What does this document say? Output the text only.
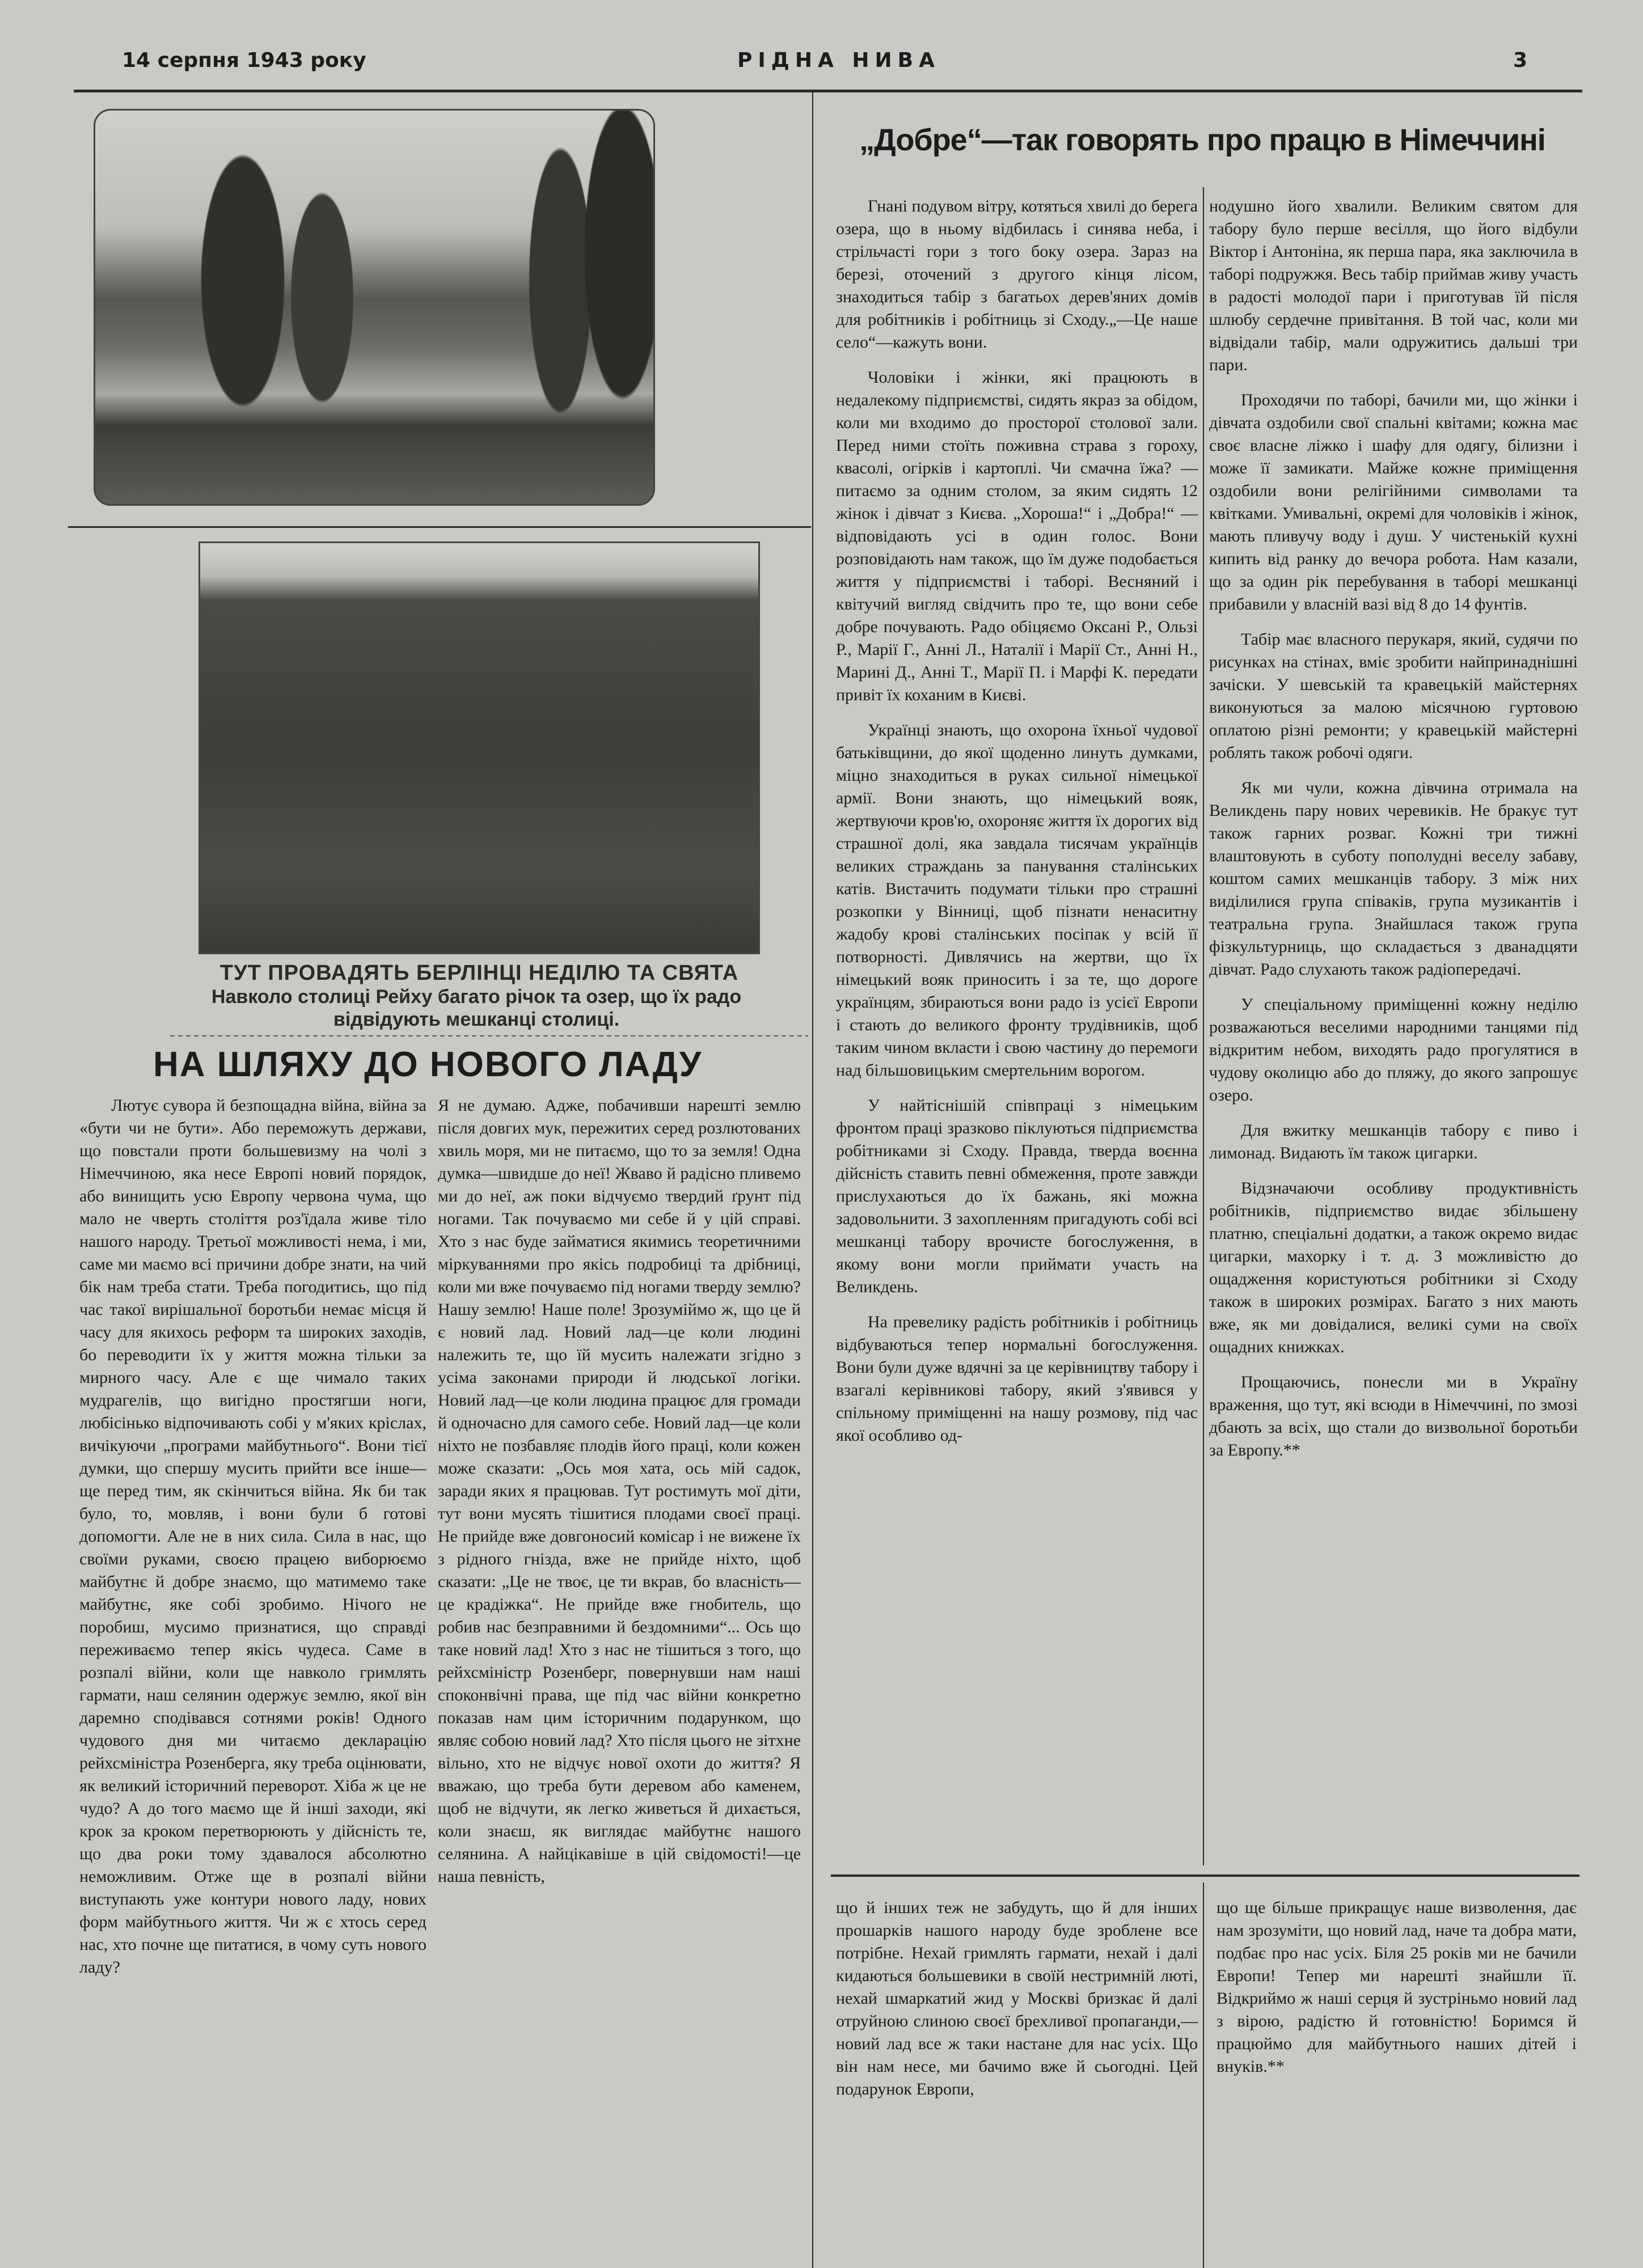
14 серпня 1943 року	РІДНА НИВА	3
ТУТ ПРОВАДЯТЬ БЕРЛІНЦІ НЕДІЛЮ ТА СВЯТА
Навколо столиці Рейху багато річок та озер, що їх радо відвідують мешканці столиці.
НА ШЛЯХУ ДО НОВОГО ЛАДУ

Лютує сувора й безпощадна війна, війна за «бути чи не бути». Або переможуть держави, що повстали проти большевизму на чолі з Німеччиною, яка несе Европі новий порядок, або винищить усю Европу червона чума, що мало не чверть століття роз'їдала живе тіло нашого народу. Третьої можливості нема, і ми, саме ми маємо всі причини добре знати, на чий бік нам треба стати. Треба погодитись, що під час такої вирішальної боротьби немає місця й часу для якихось реформ та широких заходів, бо переводити їх у життя можна тільки за мирного часу. Але є ще чимало таких мудрагелів, що вигідно простягши ноги, любісінько відпочивають собі у м'яких кріслах, вичікуючи „програми майбутнього“. Вони тієї думки, що спершу мусить прийти все інше—ще перед тим, як скінчиться війна. Як би так було, то, мовляв, і вони були б готові допомогти. Але не в них сила. Сила в нас, що своїми руками, своєю працею виборюємо майбутнє й добре знаємо, що матимемо таке майбутнє, яке собі зробимо. Нічого не поробиш, мусимо признатися, що справді переживаємо тепер якісь чудеса. Саме в розпалі війни, коли ще навколо гримлять гармати, наш селянин одержує землю, якої він даремно сподівався сотнями років! Одного чудового дня ми читаємо декларацію рейхсміністра Розенберга, яку треба оцінювати, як великий історичний переворот. Хіба ж це не чудо? А до того маємо ще й інші заходи, які крок за кроком перетворюють у дійсність те, що два роки тому здавалося абсолютно неможливим. Отже ще в розпалі війни виступають уже контури нового ладу, нових форм майбутнього життя. Чи ж є хтось серед нас, хто почне ще питатися, в чому суть нового ладу?

Я не думаю. Адже, побачивши нарешті землю після довгих мук, пережитих серед розлютованих хвиль моря, ми не питаємо, що то за земля! Одна думка—швидше до неї! Жваво й радісно пливемо ми до неї, аж поки відчуємо твердий ґрунт під ногами. Так почуваємо ми себе й у цій справі. Хто з нас буде займатися якимись теоретичними міркуваннями про якісь подробиці та дрібниці, коли ми вже почуваємо під ногами тверду землю? Нашу землю! Наше поле! Зрозуміймо ж, що це й є новий лад. Новий лад—це коли людині належить те, що їй мусить належати згідно з усіма законами природи й людської логіки. Новий лад—це коли людина працює для громади й одночасно для самого себе. Новий лад—це коли ніхто не позбавляє плодів його праці, коли кожен може сказати: „Ось моя хата, ось мій садок, заради яких я працював. Тут ростимуть мої діти, тут вони мусять тішитися плодами своєї праці. Не прийде вже довгоносий комісар і не вижене їх з рідного гнізда, вже не прийде ніхто, щоб сказати: „Це не твоє, це ти вкрав, бо власність—це крадіжка“. Не прийде вже гнобитель, що робив нас безправними й бездомними“... Ось що таке новий лад! Хто з нас не тішиться з того, що рейхсміністр Розенберг, повернувши нам наші споконвічні права, ще під час війни конкретно показав нам цим історичним подарунком, що являє собою новий лад? Хто після цього не зітхне вільно, хто не відчує нової охоти до життя? Я вважаю, що треба бути деревом або каменем, щоб не відчути, як легко живеться й дихається, коли знаєш, як виглядає майбутнє нашого селянина. А найцікавіше в цій свідомості!—це наша певність,

„Добре“—так говорять про працю в Німеччині

Гнані подувом вітру, котяться хвилі до берега озера, що в ньому відбилась і синява неба, і стрільчасті гори з того боку озера. Зараз на березі, оточений з другого кінця лісом, знаходиться табір з багатьох дерев'яних домів для робітників і робітниць зі Сходу.„—Це наше село“—кажуть вони.

Чоловіки і жінки, які працюють в недалекому підприємстві, сидять якраз за обідом, коли ми входимо до просторої столової зали. Перед ними стоїть поживна страва з гороху, квасолі, огірків і картоплі. Чи смачна їжа? — питаємо за одним столом, за яким сидять 12 жінок і дівчат з Києва. „Хороша!“ і „Добра!“ — відповідають усі в один голос. Вони розповідають нам також, що їм дуже подобається життя у підприємстві і таборі. Весняний і квітучий вигляд свідчить про те, що вони себе добре почувають. Радо обіцяємо Оксані Р., Ользі Р., Марії Г., Анні Л., Наталії і Марії Ст., Анні Н., Марині Д., Анні Т., Марії П. і Марфі К. передати привіт їх коханим в Києві.

Українці знають, що охорона їхньої чудової батьківщини, до якої щоденно линуть думками, міцно знаходиться в руках сильної німецької армії. Вони знають, що німецький вояк, жертвуючи кров'ю, охороняє життя їх дорогих від страшної долі, яка завдала тисячам українців великих страждань за панування сталінських катів. Вистачить подумати тільки про страшні розкопки у Вінниці, щоб пізнати ненаситну жадобу крові сталінських посіпак у всій її потворності. Дивлячись на жертви, що їх німецький вояк приносить і за те, що дороге українцям, збираються вони радо із усієї Европи і стають до великого фронту трудівників, щоб таким чином вкласти і свою частину до перемоги над більшовицьким смертельним ворогом.

У найтіснішій співпраці з німецьким фронтом праці зразково піклуються підприємства робітниками зі Сходу. Правда, тверда воєнна дійсність ставить певні обмеження, проте завжди прислухаються до їх бажань, які можна задовольнити. З захопленням пригадують собі всі мешканці табору врочисте богослуження, в якому вони могли приймати участь на Великдень.

На превелику радість робітників і робітниць відбуваються тепер нормальні богослуження. Вони були дуже вдячні за це керівництву табору і взагалі керівникові табору, який з'явився у спільному приміщенні на нашу розмову, під час якої особливо од-

нодушно його хвалили. Великим святом для табору було перше весілля, що його відбули Віктор і Антоніна, як перша пара, яка заключила в таборі подружжя. Весь табір приймав живу участь в радості молодої пари і приготував їй після шлюбу сердечне привітання. В той час, коли ми відвідали табір, мали одружитись дальші три пари.

Проходячи по таборі, бачили ми, що жінки і дівчата оздобили свої спальні квітами; кожна має своє власне ліжко і шафу для одягу, білизни і може її замикати. Майже кожне приміщення оздобили вони релігійними символами та квітками. Умивальні, окремі для чоловіків і жінок, мають пливучу воду і душ. У чистенькій кухні кипить від ранку до вечора робота. Нам казали, що за один рік перебування в таборі мешканці прибавили у власній вазі від 8 до 14 фунтів.

Табір має власного перукаря, який, судячи по рисунках на стінах, вміє зробити найпринаднішні зачіски. У шевській та кравецькій майстернях виконуються за малою місячною гуртовою оплатою різні ремонти; у кравецькій майстерні роблять також робочі одяги.

Як ми чули, кожна дівчина отримала на Великдень пару нових черевиків. Не бракує тут також гарних розваг. Кожні три тижні влаштовують в суботу пополудні веселу забаву, коштом самих мешканців табору. З між них виділилися група співаків, група музикантів і театральна група. Знайшлася також група фізкультурниць, що складається з дванадцяти дівчат. Радо слухають також радіопередачі.

У спеціальному приміщенні кожну неділю розважаються веселими народними танцями під відкритим небом, виходять радо прогулятися в чудову околицю або до пляжу, до якого запрошує озеро.

Для вжитку мешканців табору є пиво і лимонад. Видають їм також цигарки.

Відзначаючи особливу продуктивність робітників, підприємство видає збільшену платню, спеціальні додатки, а також окремо видає цигарки, махорку і т. д. З можливістю до ощадження користуються робітники зі Сходу також в широких розмірах. Багато з них мають вже, як ми довідалися, великі суми на своїх ощадних книжках.

Прощаючись, понесли ми в Україну враження, що тут, які всюди в Німеччині, по змозі дбають за всіх, що стали до визвольної боротьби за Европу.**

що й інших теж не забудуть, що й для інших прошарків нашого народу буде зроблене все потрібне. Нехай гримлять гармати, нехай і далі кидаються большевики в своїй нестримній люті, нехай шмаркатий жид у Москві бризкає й далі отруйною слиною своєї брехливої пропаганди,—новий лад все ж таки настане для нас усіх. Що він нам несе, ми бачимо вже й сьогодні. Цей подарунок Европи,

що ще більше прикращує наше визволення, дає нам зрозуміти, що новий лад, наче та добра мати, подбає про нас усіх. Біля 25 років ми не бачили Европи! Тепер ми нарешті знайшли її. Відкриймо ж наші серця й зустріньмо новий лад з вірою, радістю й готовністю! Боримся й працюймо для майбутнього наших дітей і внуків.**
